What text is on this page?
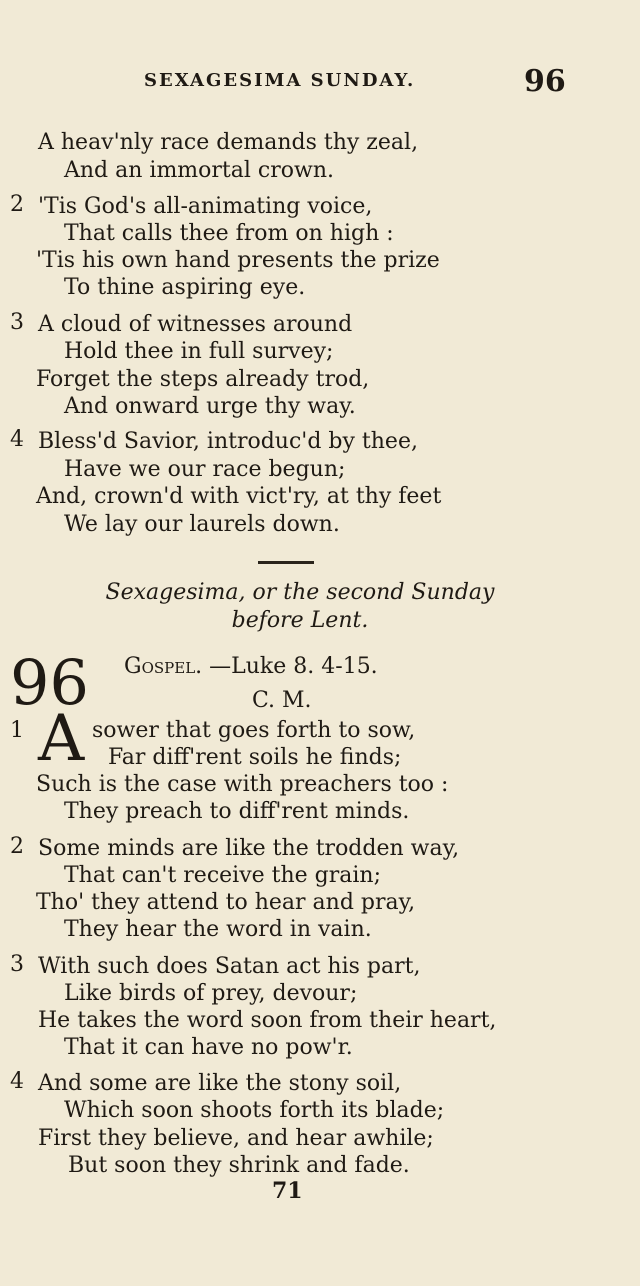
SEXAGESIMA SUNDAY.	96
A heav'nly race demands thy zeal,
And an immortal crown.
2 'Tis God's all-animating voice,
That calls thee from on high :
'Tis his own hand presents the prize
To thine aspiring eye.
3 A cloud of witnesses around
Hold thee in full survey;
Forget the steps already trod,
And onward urge thy way.
4 Bless'd Savior, introduc'd by thee,
Have we our race begun;
And, crown'd with vict'ry, at thy feet
We lay our laurels down.
Sexagesima, or the second Sunday
before Lent.
96 Gospel. —Luke 8. 4-15.
C. M.
1 A sower that goes forth to sow,
Far diff'rent soils he finds;
Such is the case with preachers too :
They preach to diff'rent minds.
2 Some minds are like the trodden way,
That can't receive the grain;
Tho' they attend to hear and pray,
They hear the word in vain.
3 With such does Satan act his part,
Like birds of prey, devour;
He takes the word soon from their heart,
That it can have no pow'r.
4 And some are like the stony soil,
Which soon shoots forth its blade;
First they believe, and hear awhile;
But soon they shrink and fade.
71
